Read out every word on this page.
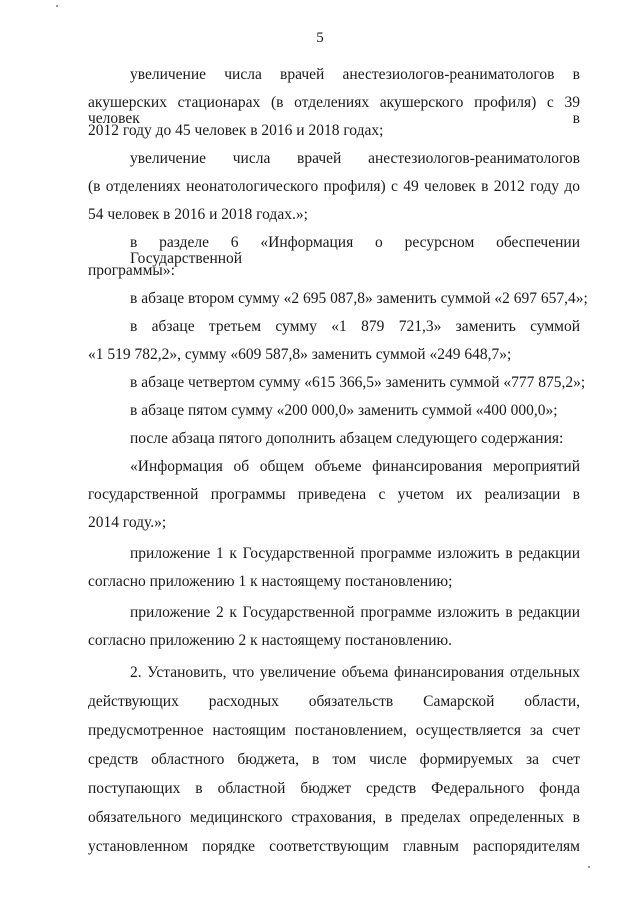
5

увеличение числа врачей анестезиологов-реаниматологов в

акушерских стационарах (в отделениях акушерского профиля) с 39 человек в

2012 году до 45 человек в 2016 и 2018 годах;

увеличение числа врачей анестезиологов-реаниматологов

(в отделениях неонатологического профиля) с 49 человек в 2012 году до

54 человек в 2016 и 2018 годах.»;

в разделе 6 «Информация о ресурсном обеспечении Государственной

программы»:

в абзаце втором сумму «2 695 087,8» заменить суммой «2 697 657,4»;

в абзаце третьем сумму «1 879 721,3» заменить суммой

«1 519 782,2», сумму «609 587,8» заменить суммой «249 648,7»;

в абзаце четвертом сумму «615 366,5» заменить суммой «777 875,2»;

в абзаце пятом сумму «200 000,0» заменить суммой «400 000,0»;

после абзаца пятого дополнить абзацем следующего содержания:

«Информация об общем объеме финансирования мероприятий

государственной программы приведена с учетом их реализации в

2014 году.»;

приложение 1 к Государственной программе изложить в редакции

согласно приложению 1 к настоящему постановлению;

приложение 2 к Государственной программе изложить в редакции

согласно приложению 2 к настоящему постановлению.

2. Установить, что увеличение объема финансирования отдельных

действующих расходных обязательств Самарской области,

предусмотренное настоящим постановлением, осуществляется за счет

средств областного бюджета, в том числе формируемых за счет

поступающих в областной бюджет средств Федерального фонда

обязательного медицинского страхования, в пределах определенных в

установленном порядке соответствующим главным распорядителям
